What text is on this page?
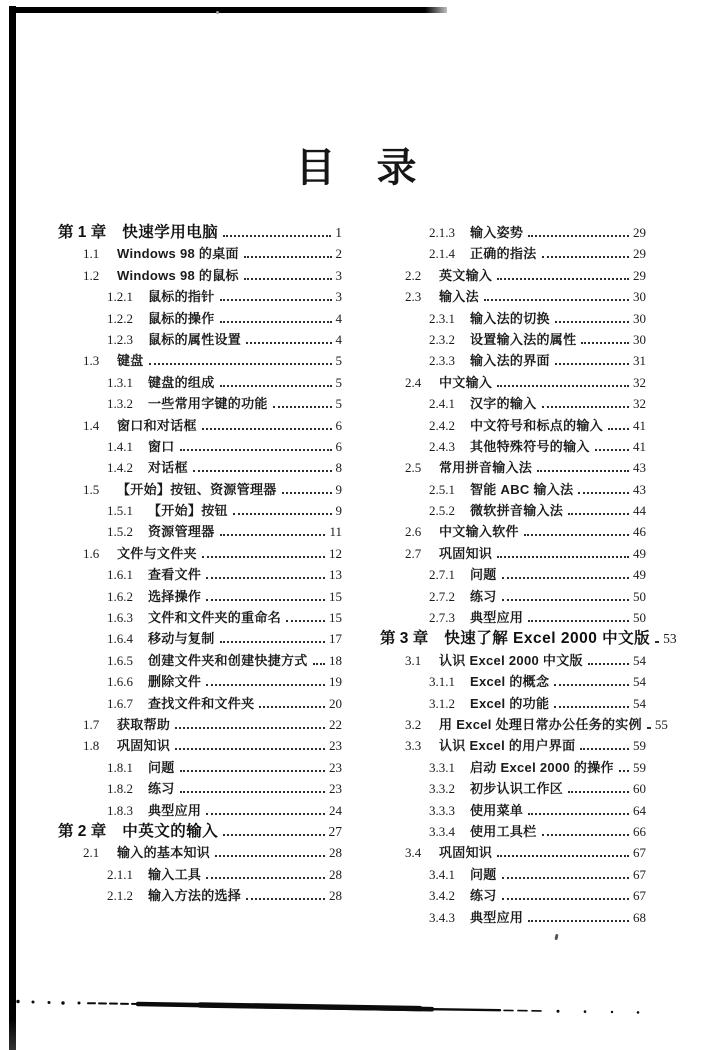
目 录
第 1 章 快速学用电脑	1
1.1	Windows 98 的桌面	2
1.2	Windows 98 的鼠标	3
1.2.1	鼠标的指针	3
1.2.2	鼠标的操作	4
1.2.3	鼠标的属性设置	4
1.3	键盘	5
1.3.1	键盘的组成	5
1.3.2	一些常用字键的功能	5
1.4	窗口和对话框	6
1.4.1	窗口	6
1.4.2	对话框	8
1.5	【开始】按钮、资源管理器	9
1.5.1	【开始】按钮	9
1.5.2	资源管理器	11
1.6	文件与文件夹	12
1.6.1	查看文件	13
1.6.2	选择操作	15
1.6.3	文件和文件夹的重命名	15
1.6.4	移动与复制	17
1.6.5	创建文件夹和创建快捷方式 18
1.6.6	删除文件	19
1.6.7	查找文件和文件夹	20
1.7	获取帮助	22
1.8	巩固知识	23
1.8.1	问题	23
1.8.2	练习	23
1.8.3	典型应用	24
第 2 章 中英文的输入	27
2.1	输入的基本知识	28
2.1.1	输入工具	28
2.1.2	输入方法的选择	28
2.1.3	输入姿势	29
2.1.4	正确的指法	29
2.2	英文输入	29
2.3	输入法	30
2.3.1	输入法的切换	30
2.3.2	设置输入法的属性	30
2.3.3	输入法的界面	31
2.4	中文输入	32
2.4.1	汉字的输入	32
2.4.2	中文符号和标点的输入 41
2.4.3	其他特殊符号的输入	41
2.5	常用拼音输入法	43
2.5.1	智能 ABC 输入法	43
2.5.2	微软拼音输入法	44
2.6	中文输入软件	46
2.7	巩固知识	49
2.7.1	问题	49
2.7.2	练习	50
2.7.3	典型应用	50
第 3 章 快速了解 Excel 2000 中文版 53
3.1	认识 Excel 2000 中文版	54
3.1.1	Excel 的概念	54
3.1.2	Excel 的功能	54
3.2	用 Excel 处理日常办公任务的实例 55
3.3	认识 Excel 的用户界面	59
3.3.1	启动 Excel 2000 的操作 59
3.3.2	初步认识工作区	60
3.3.3	使用菜单	64
3.3.4	使用工具栏	66
3.4	巩固知识	67
3.4.1	问题	67
3.4.2	练习	67
3.4.3	典型应用	68
